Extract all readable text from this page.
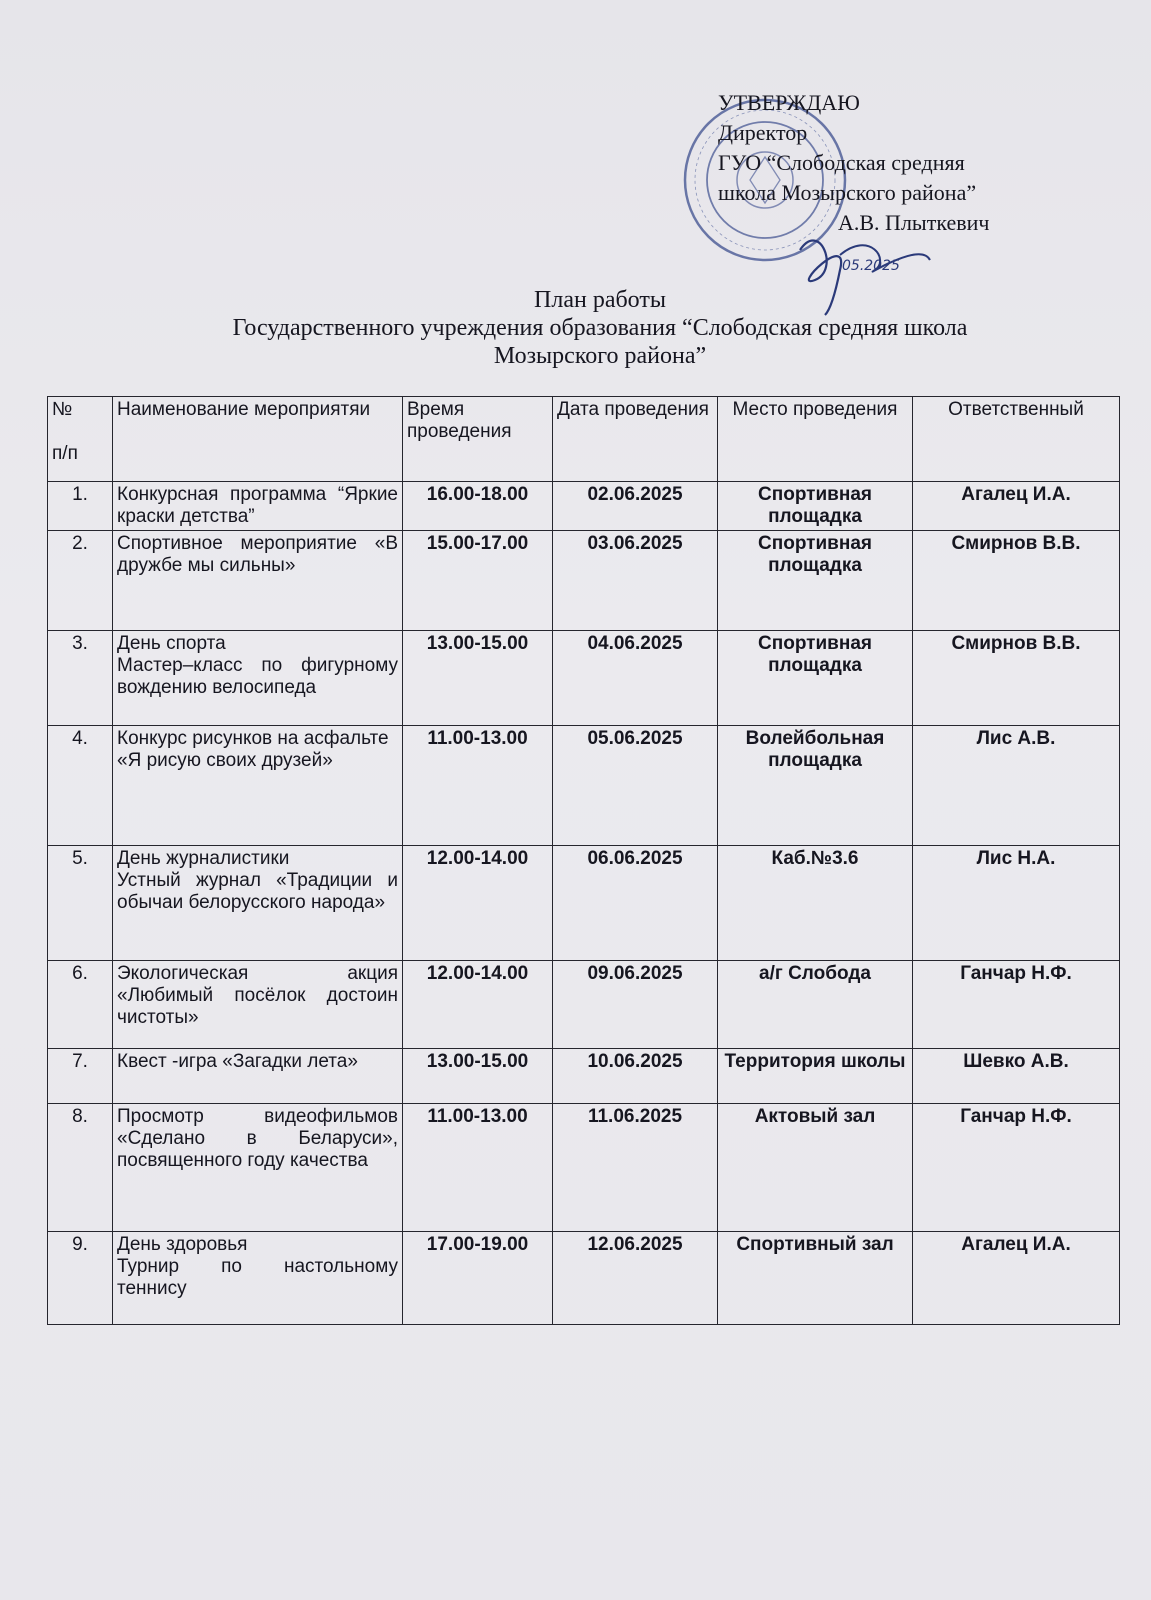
УТВЕРЖДАЮ
Директор
ГУО “Слободская средняя
школа Мозырского района”
А.В. Плыткевич
05.2025
План работы
Государственного учреждения образования “Слободская средняя школа
Мозырского района”
№
п/п	Наименование мероприятяи	Время проведения	Дата проведения	Место проведения	Ответственный
1.	Конкурсная программа “Яркие краски детства”	16.00-18.00	02.06.2025	Спортивная площадка	Агалец И.А.
2.	Спортивное мероприятие «В дружбе мы сильны»	15.00-17.00	03.06.2025	Спортивная площадка	Смирнов В.В.
3.	День спорта
Мастер–класс по фигурному вождению велосипеда	13.00-15.00	04.06.2025	Спортивная площадка	Смирнов В.В.
4.	Конкурс рисунков на асфальте
«Я рисую своих друзей»	11.00-13.00	05.06.2025	Волейбольная площадка	Лис А.В.
5.	День журналистики
Устный журнал «Традиции и обычаи белорусского народа»	12.00-14.00	06.06.2025	Каб.№3.6	Лис Н.А.
6.	Экологическая акция «Любимый посёлок достоин чистоты»	12.00-14.00	09.06.2025	а/г Слобода	Ганчар Н.Ф.
7.	Квест -игра «Загадки лета»	13.00-15.00	10.06.2025	Территория школы	Шевко А.В.
8.	Просмотр видеофильмов «Сделано в Беларуси», посвященного году качества	11.00-13.00	11.06.2025	Актовый зал	Ганчар Н.Ф.
9.	День здоровья
Турнир по настольному теннису	17.00-19.00	12.06.2025	Спортивный зал	Агалец И.А.
